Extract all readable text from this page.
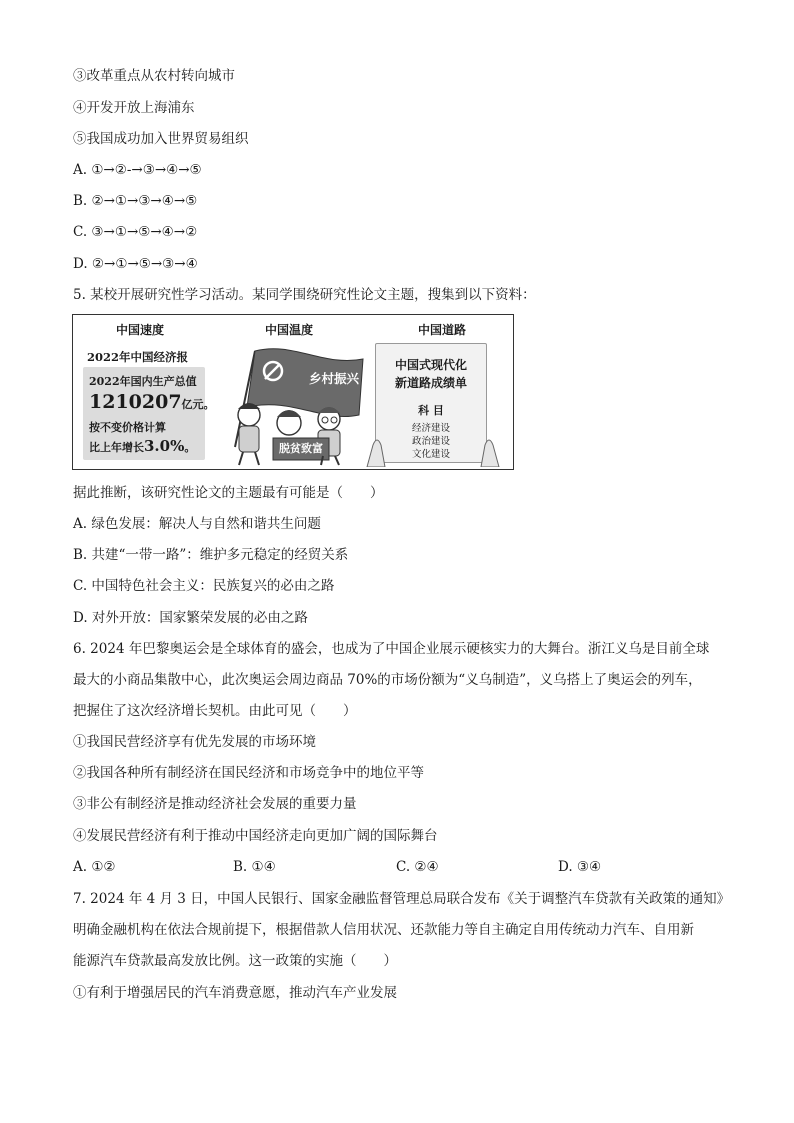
③改革重点从农村转向城市
④开发开放上海浦东
⑤我国成功加入世界贸易组织
A. ①→②-→③→④→⑤
B. ②→①→③→④→⑤
C. ③→①→⑤→④→②
D. ②→①→⑤→③→④
5. 某校开展研究性学习活动。某同学围绕研究性论文主题，搜集到以下资料：
中国速度
2022年中国经济报
2022年国内生产总值
1210207亿元。
按不变价格计算
比上年增长3.0%。
中国温度
乡村振兴
脱贫致富
中国道路
中国式现代化
新道路成绩单
科 目
经济建设
政治建设
文化建设
据此推断，该研究性论文的主题最有可能是（　　）
A. 绿色发展：解决人与自然和谐共生问题
B. 共建“一带一路”：维护多元稳定的经贸关系
C. 中国特色社会主义：民族复兴的必由之路
D. 对外开放：国家繁荣发展的必由之路
6. 2024 年巴黎奥运会是全球体育的盛会，也成为了中国企业展示硬核实力的大舞台。浙江义乌是目前全球
最大的小商品集散中心，此次奥运会周边商品 70%的市场份额为“义乌制造”，义乌搭上了奥运会的列车，
把握住了这次经济增长契机。由此可见（　　）
①我国民营经济享有优先发展的市场环境
②我国各种所有制经济在国民经济和市场竞争中的地位平等
③非公有制经济是推动经济社会发展的重要力量
④发展民营经济有利于推动中国经济走向更加广阔的国际舞台
A. ①②	B. ①④	C. ②④	D. ③④
7. 2024 年 4 月 3 日，中国人民银行、国家金融监督管理总局联合发布《关于调整汽车贷款有关政策的通知》
明确金融机构在依法合规前提下，根据借款人信用状况、还款能力等自主确定自用传统动力汽车、自用新
能源汽车贷款最高发放比例。这一政策的实施（　　）
①有利于增强居民的汽车消费意愿，推动汽车产业发展
